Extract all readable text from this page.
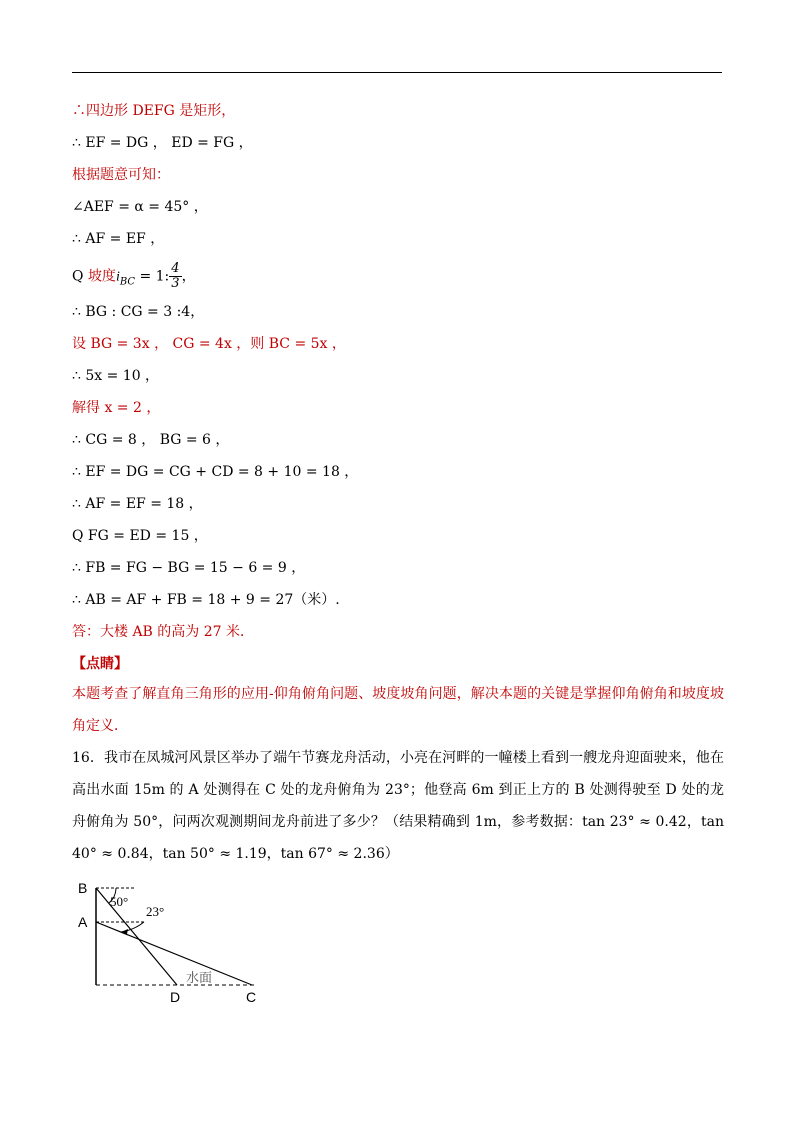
∴四边形 DEFG 是矩形，
∴ EF = DG ， ED = FG ，
根据题意可知：
∠AEF = α = 45° ，
∴ AF = EF ，
Q 坡度$i_{BC} = 1$: $\frac{4}{3}$ ，
∴ BG : CG = 3 :4，
设 BG = 3x ， CG = 4x ，则 BC = 5x ，
∴ 5x = 10 ，
解得 x = 2 ，
∴ CG = 8 ， BG = 6 ，
∴ EF = DG = CG + CD = 8 + 10 = 18 ，
∴ AF = EF = 18 ，
Q FG = ED = 15 ，
∴ FB = FG − BG = 15 − 6 = 9 ，
∴ AB = AF + FB = 18 + 9 = 27（米）.
答：大楼 AB 的高为 27 米．
【点睛】
本题考查了解直角三角形的应用-仰角俯角问题、坡度坡角问题，解决本题的关键是掌握仰角俯角和坡度坡角定义．
16．我市在凤城河风景区举办了端午节赛龙舟活动，小亮在河畔的一幢楼上看到一艘龙舟迎面驶来，他在高出水面 15m 的 A 处测得在 C 处的龙舟俯角为 23°；他登高 6m 到正上方的 B 处测得驶至 D 处的龙舟俯角为 50°，问两次观测期间龙舟前进了多少？（结果精确到 1m，参考数据：tan 23° ≈ 0.42，tan 40° ≈ 0.84，tan 50° ≈ 1.19，tan 67° ≈ 2.36）
B
A
D	C
50°
23°
水面
